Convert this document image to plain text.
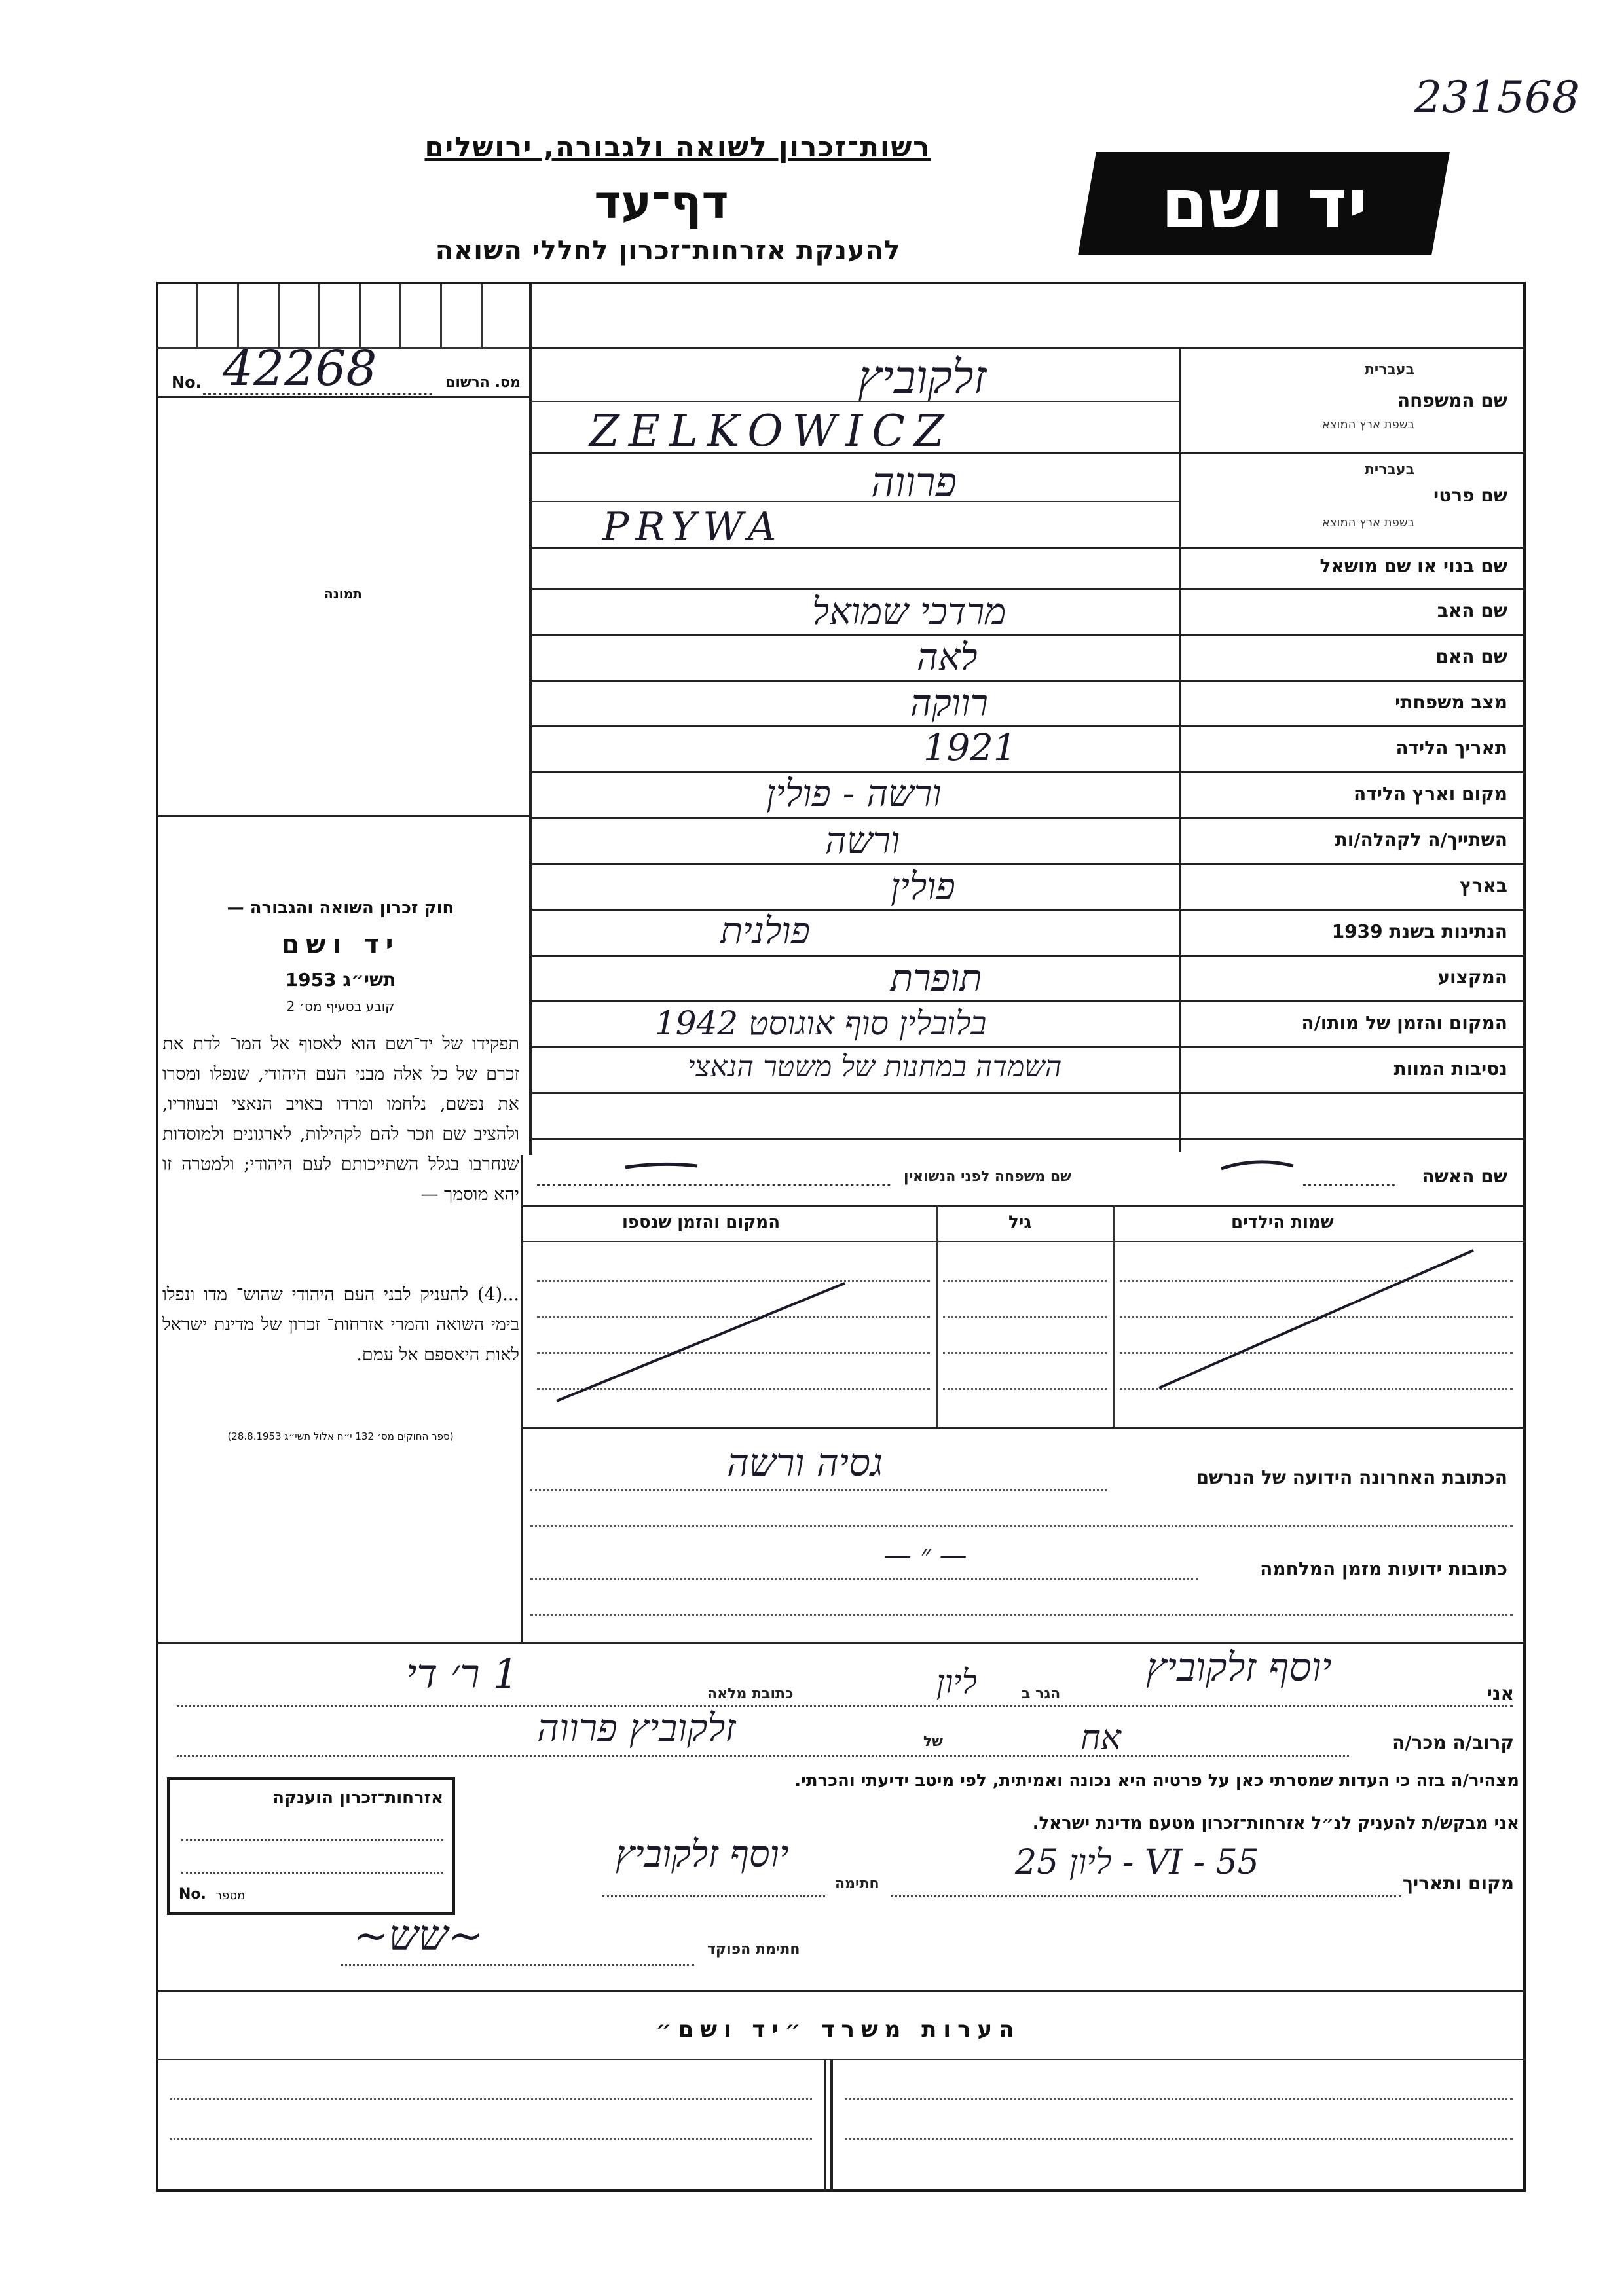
231568
רשות־זכרון לשואה ולגבורה, ירושלים
דף־עד
להענקת אזרחות־זכרון לחללי השואה
יד ושם
מס. הרשום
No. 42268
תמונה
שם המשפחה
בעברית
בשפת ארץ המוצא
זלקוביץ
ZELKOWICZ
שם פרטי
בעברית
בשפת ארץ המוצא
פרווה
PRYWA
שם בנוי או שם מושאל
שם האב
מרדכי שמואל
שם האם
לאה
מצב משפחתי
רווקה
תאריך הלידה
1921
מקום וארץ הלידה
ורשה - פולין
השתייך/ה לקהלה/ות
ורשה
בארץ
פולין
הנתינות בשנת 1939
פולנית
המקצוע
תופרת
המקום והזמן של מותו/ה
בלובלין סוף אוגוסט 1942
נסיבות המוות
השמדה במחנות של משטר הנאצי
חוק זכרון השואה והגבורה —
יד ושם
תשי״ג 1953
קובע בסעיף מס׳ 2
תפקידו של יד־ושם הוא לאסוף אל המו־ לדת את זכרם של כל אלה מבני העם היהודי, שנפלו ומסרו את נפשם, נלחמו ומרדו באויב הנאצי ובעוזריו, ולהציב שם וזכר להם לקהילות, לארגונים ולמוסדות שנחרבו בגלל השתייכותם לעם היהודי; ולמטרה זו יהא מוסמך —
...(4) להעניק לבני העם היהודי שהוש־ מדו ונפלו בימי השואה והמרי אזרחות־ זכרון של מדינת ישראל לאות היאספם אל עמם.
(ספר החוקים מס׳ 132 י״ח אלול תשי״ג 28.8.1953)
שם האשה
שם משפחה לפני הנשואין
שמות הילדים
גיל
המקום והזמן שנספו
הכתובת האחרונה הידועה של הנרשם
גסיה ורשה
כתובות ידועות מזמן המלחמה
— ״ —
אני
יוסף זלקוביץ
הגר ב
ליון
כתובת מלאה
1 ר׳ די
קרוב/ה מכר/ה
אח
של
זלקוביץ פרווה
מצהיר/ה בזה כי העדות שמסרתי כאן על פרטיה היא נכונה ואמיתית, לפי מיטב ידיעתי והכרתי.
אני מבקש/ת להעניק לנ״ל אזרחות־זכרון מטעם מדינת ישראל.
מקום ותאריך
ליון 25 - VI - 55
חתימה
יוסף זלקוביץ
חתימת הפוקד
~שש~
אזרחות־זכרון הוענקה
No. מספר
הערות משרד ״יד ושם״
